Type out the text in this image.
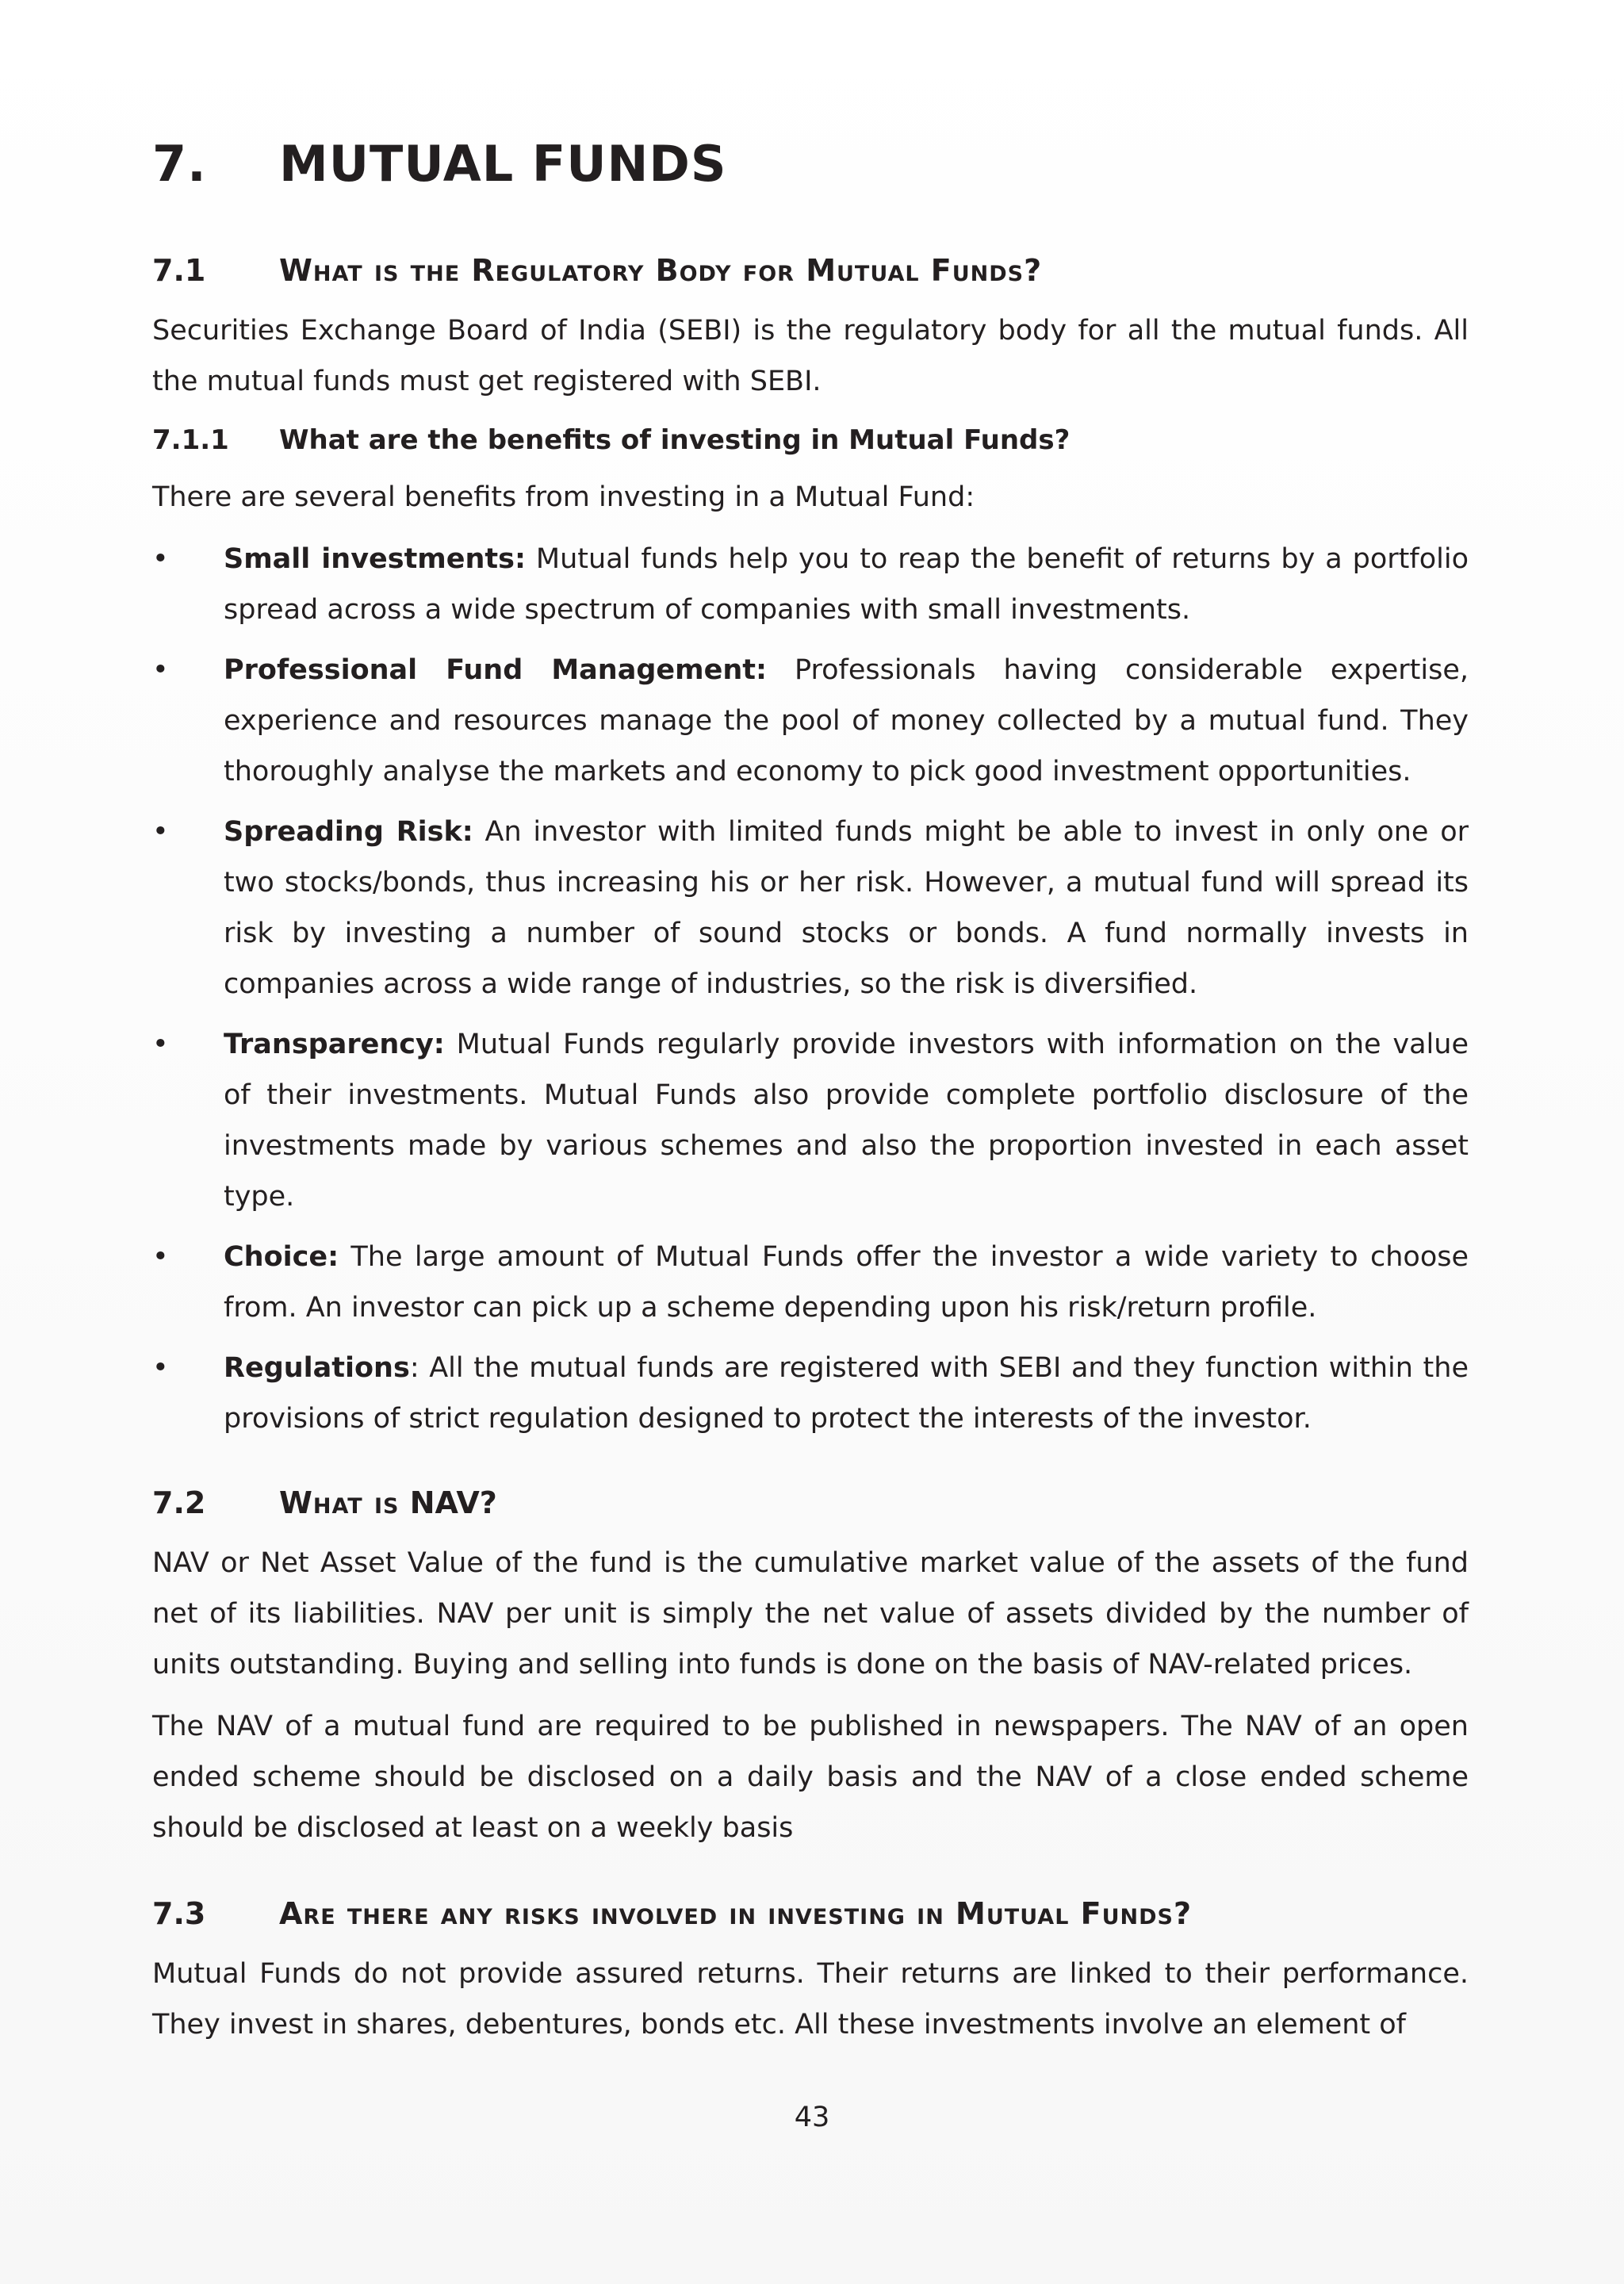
7.	MUTUAL FUNDS
7.1	What is the Regulatory Body for Mutual Funds?

Securities Exchange Board of India (SEBI) is the regulatory body for all the mutual funds. All the mutual funds must get registered with SEBI.

7.1.1	What are the benefits of investing in Mutual Funds?

There are several benefits from investing in a Mutual Fund:

•	Small investments: Mutual funds help you to reap the benefit of returns by a portfolio spread across a wide spectrum of companies with small investments.
•	Professional Fund Management: Professionals having considerable expertise, experience and resources manage the pool of money collected by a mutual fund. They thoroughly analyse the markets and economy to pick good investment opportunities.
•	Spreading Risk: An investor with limited funds might be able to invest in only one or two stocks/bonds, thus increasing his or her risk. However, a mutual fund will spread its risk by investing a number of sound stocks or bonds. A fund normally invests in companies across a wide range of industries, so the risk is diversified.
•	Transparency: Mutual Funds regularly provide investors with information on the value of their investments. Mutual Funds also provide complete portfolio disclosure of the investments made by various schemes and also the proportion invested in each asset type.
•	Choice: The large amount of Mutual Funds offer the investor a wide variety to choose from. An investor can pick up a scheme depending upon his risk/return profile.
•	Regulations: All the mutual funds are registered with SEBI and they function within the provisions of strict regulation designed to protect the interests of the investor.
7.2	What is NAV?

NAV or Net Asset Value of the fund is the cumulative market value of the assets of the fund net of its liabilities. NAV per unit is simply the net value of assets divided by the number of units outstanding. Buying and selling into funds is done on the basis of NAV-related prices.

The NAV of a mutual fund are required to be published in newspapers. The NAV of an open ended scheme should be disclosed on a daily basis and the NAV of a close ended scheme should be disclosed at least on a weekly basis

7.3	Are there any risks involved in investing in Mutual Funds?

Mutual Funds do not provide assured returns. Their returns are linked to their performance. They invest in shares, debentures, bonds etc. All these investments involve an element of

43
